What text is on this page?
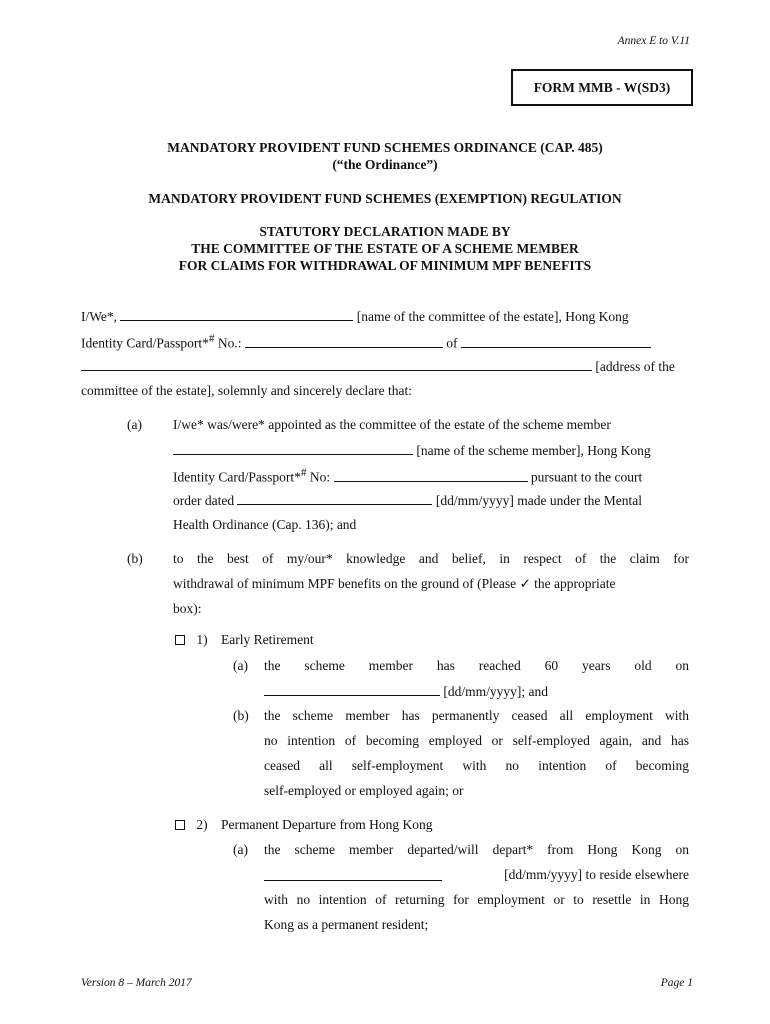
Annex E to V.11
FORM MMB - W(SD3)
MANDATORY PROVIDENT FUND SCHEMES ORDINANCE (CAP. 485)
(“the Ordinance”)
MANDATORY PROVIDENT FUND SCHEMES (EXEMPTION) REGULATION
STATUTORY DECLARATION MADE BY
THE COMMITTEE OF THE ESTATE OF A SCHEME MEMBER
FOR CLAIMS FOR WITHDRAWAL OF MINIMUM MPF BENEFITS
I/We*,	[name of the committee of the estate], Hong Kong
Identity Card/Passport*# No.:	of
[address of the
committee of the estate], solemnly and sincerely declare that:
(a) I/we* was/were* appointed as the committee of the estate of the scheme member
[name of the scheme member], Hong Kong
Identity Card/Passport*# No:	pursuant to the court
order dated	[dd/mm/yyyy] made under the Mental
Health Ordinance (Cap. 136); and
(b) to the best of my/our* knowledge and belief, in respect of the claim for
withdrawal of minimum MPF benefits on the ground of (Please ✓ the appropriate
box):
1) Early Retirement
(a) the scheme member has reached 60 years old on
[dd/mm/yyyy]; and
(b) the scheme member has permanently ceased all employment with
no intention of becoming employed or self-employed again, and has
ceased all self-employment with no intention of becoming
self-employed or employed again; or
2) Permanent Departure from Hong Kong
(a) the scheme member departed/will depart* from Hong Kong on
[dd/mm/yyyy] to reside elsewhere
with no intention of returning for employment or to resettle in Hong
Kong as a permanent resident;
Version 8 – March 2017	Page 1
